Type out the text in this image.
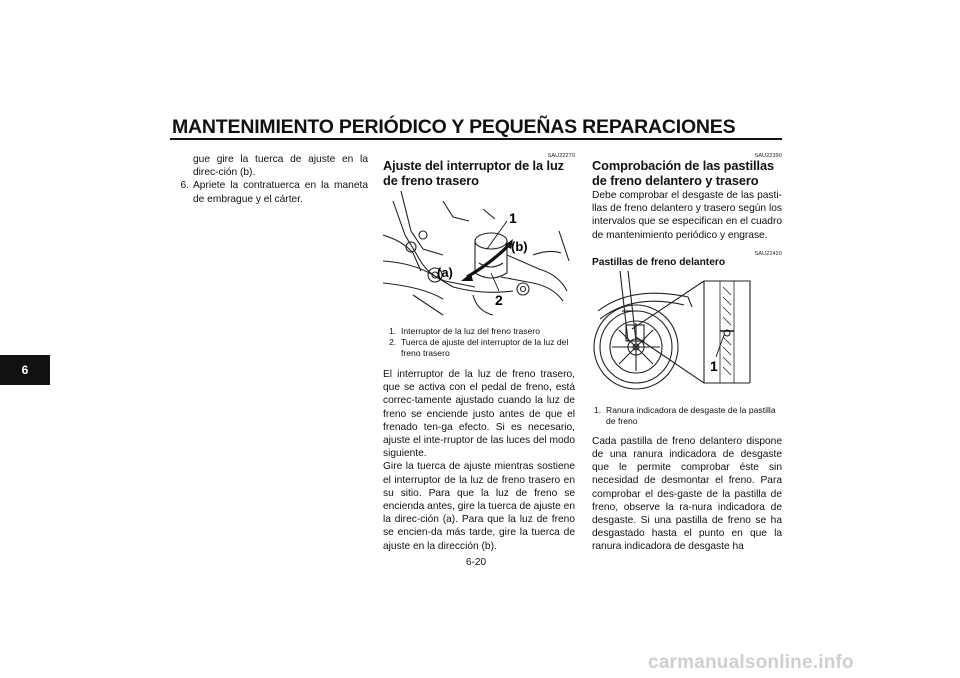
MANTENIMIENTO PERIÓDICO Y PEQUEÑAS REPARACIONES
6

gue gire la tuerca de ajuste en la direc-ción (b).

6. Apriete la contratuerca en la maneta de embrague y el cárter.
SAU22270
Ajuste del interruptor de la luz de freno trasero
1
(b)
(a)
2
1. Interruptor de la luz del freno trasero
2. Tuerca de ajuste del interruptor de la luz del freno trasero

El interruptor de la luz de freno trasero, que se activa con el pedal de freno, está correc-tamente ajustado cuando la luz de freno se enciende justo antes de que el frenado ten-ga efecto. Si es necesario, ajuste el inte-rruptor de las luces del modo siguiente.

Gire la tuerca de ajuste mientras sostiene el interruptor de la luz de freno trasero en su sitio. Para que la luz de freno se encienda antes, gire la tuerca de ajuste en la direc-ción (a). Para que la luz de freno se encien-da más tarde, gire la tuerca de ajuste en la dirección (b).

SAU22390
Comprobación de las pastillas de freno delantero y trasero

Debe comprobar el desgaste de las pasti-llas de freno delantero y trasero según los intervalos que se especifican en el cuadro de mantenimiento periódico y engrase.

SAU22420
Pastillas de freno delantero
1
1. Ranura indicadora de desgaste de la pastilla de freno

Cada pastilla de freno delantero dispone de una ranura indicadora de desgaste que le permite comprobar éste sin necesidad de desmontar el freno. Para comprobar el des-gaste de la pastilla de freno, observe la ra-nura indicadora de desgaste. Si una pastilla de freno se ha desgastado hasta el punto en que la ranura indicadora de desgaste ha

6-20
carmanualsonline.info
